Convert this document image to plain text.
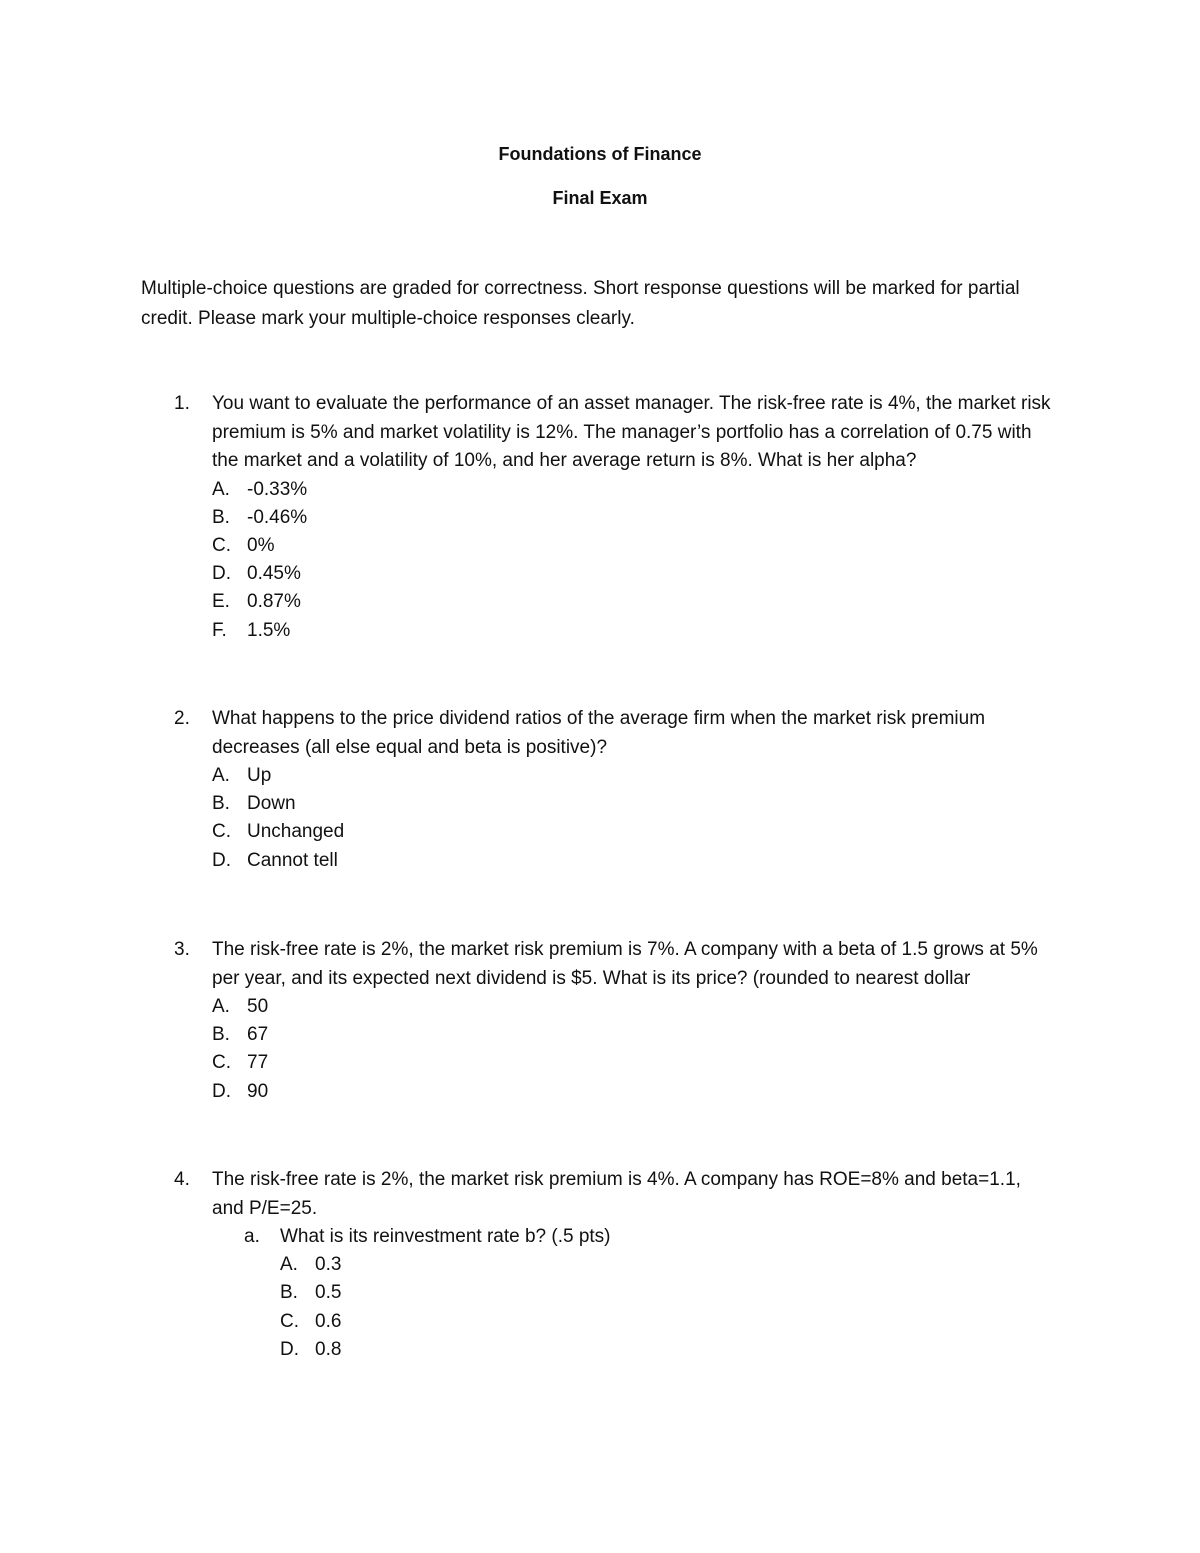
Foundations of Finance
Final Exam
Multiple-choice questions are graded for correctness. Short response questions will be marked for partial credit. Please mark your multiple-choice responses clearly.
1.	You want to evaluate the performance of an asset manager. The risk-free rate is 4%, the market risk premium is 5% and market volatility is 12%. The manager’s portfolio has a correlation of 0.75 with the market and a volatility of 10%, and her average return is 8%. What is her alpha?
A. -0.33%
B. -0.46%
C. 0%
D. 0.45%
E. 0.87%
F.	1.5%
2.	What happens to the price dividend ratios of the average firm when the market risk premium decreases (all else equal and beta is positive)?
A. Up
B. Down
C. Unchanged
D. Cannot tell
3.	The risk-free rate is 2%, the market risk premium is 7%. A company with a beta of 1.5 grows at 5% per year, and its expected next dividend is $5. What is its price? (rounded to nearest dollar
A. 50
B. 67
C. 77
D. 90
4.	The risk-free rate is 2%, the market risk premium is 4%. A company has ROE=8% and beta=1.1, and P/E=25.
a.	What is its reinvestment rate b? (.5 pts)
A. 0.3
B. 0.5
C. 0.6
D. 0.8
